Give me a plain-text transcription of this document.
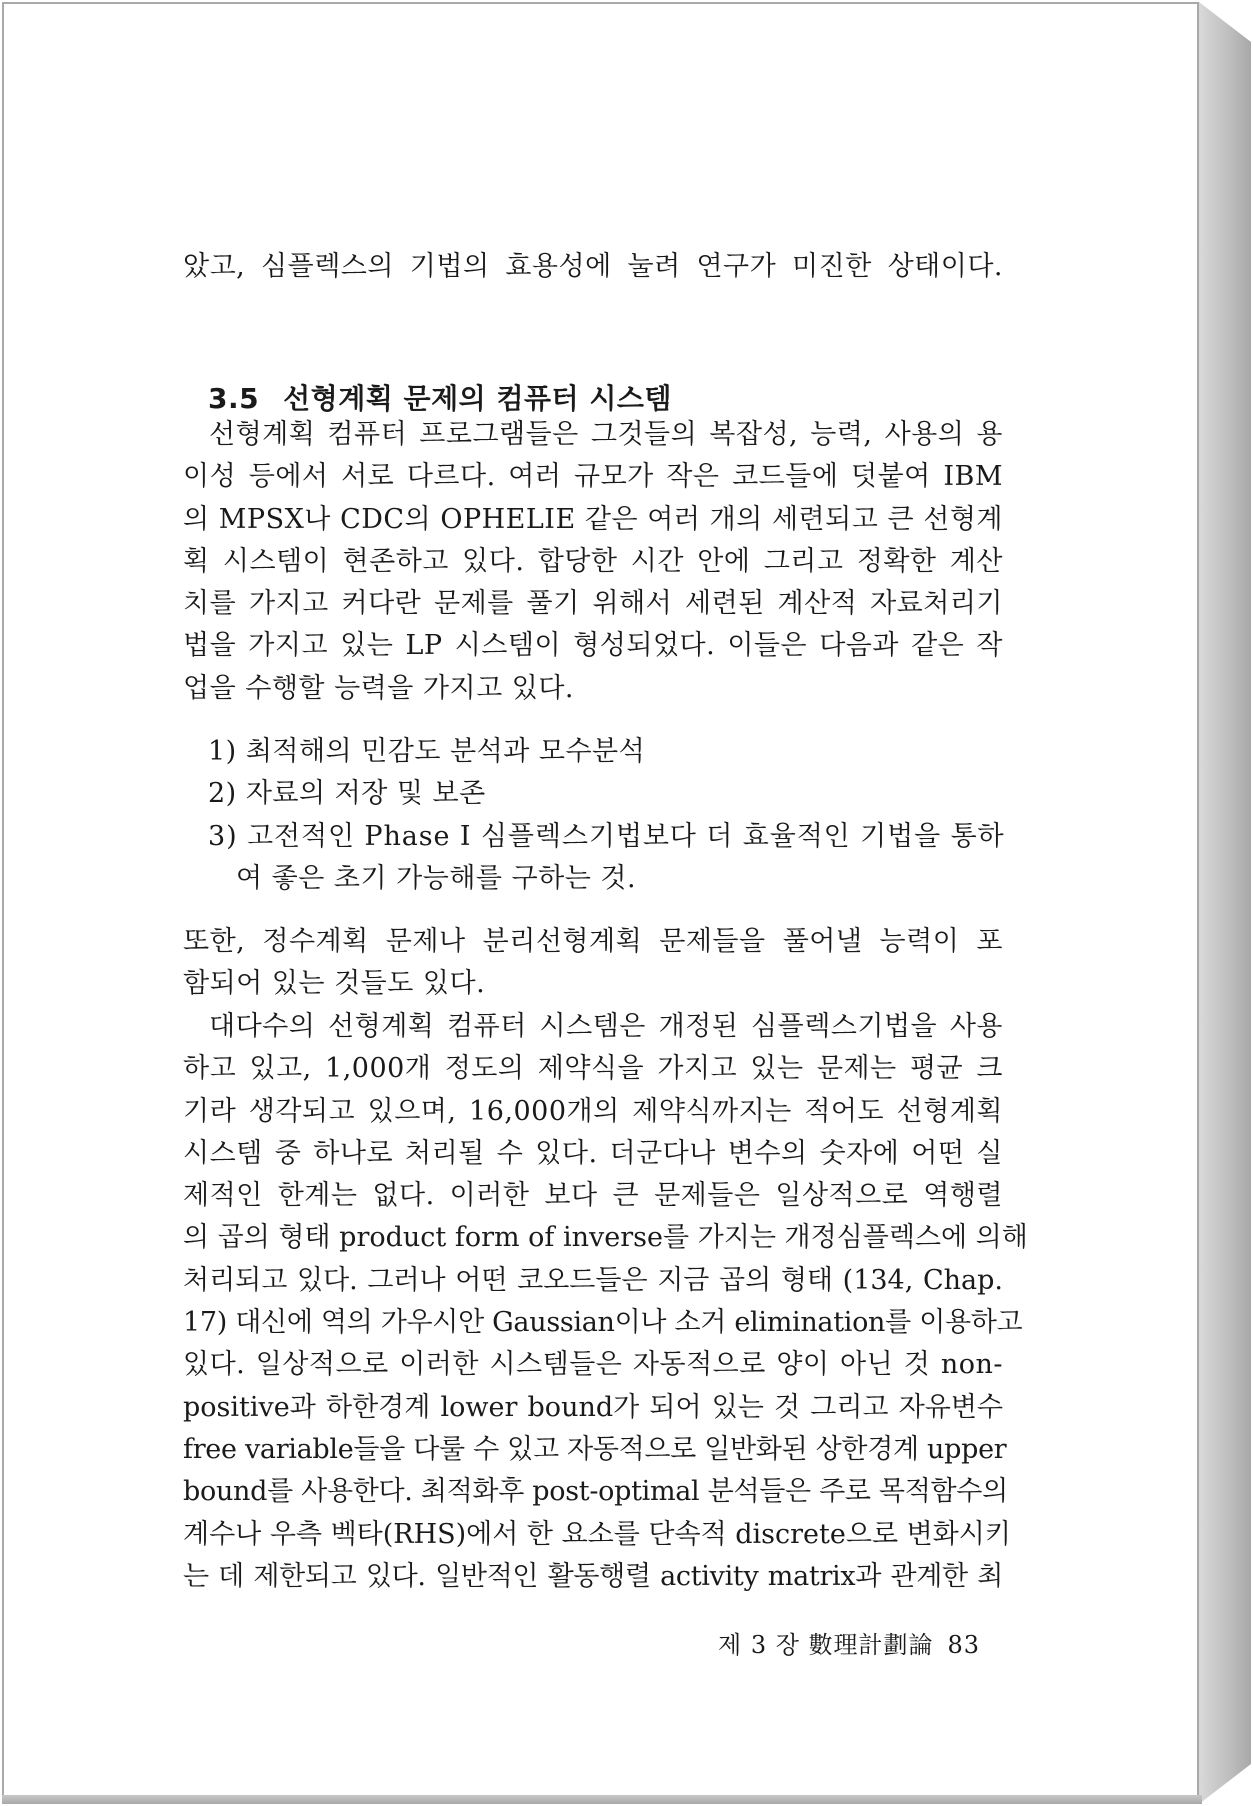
았고, 심플렉스의 기법의 효용성에 눌려 연구가 미진한 상태이다.
3.5 선형계획 문제의 컴퓨터 시스템
선형계획 컴퓨터 프로그램들은 그것들의 복잡성, 능력, 사용의 용
이성 등에서 서로 다르다. 여러 규모가 작은 코드들에 덧붙여 IBM
의 MPSX나 CDC의 OPHELIE 같은 여러 개의 세련되고 큰 선형계
획 시스템이 현존하고 있다. 합당한 시간 안에 그리고 정확한 계산
치를 가지고 커다란 문제를 풀기 위해서 세련된 계산적 자료처리기
법을 가지고 있는 LP 시스템이 형성되었다. 이들은 다음과 같은 작
업을 수행할 능력을 가지고 있다.
1) 최적해의 민감도 분석과 모수분석
2) 자료의 저장 및 보존
3) 고전적인 Phase I 심플렉스기법보다 더 효율적인 기법을 통하
여 좋은 초기 가능해를 구하는 것.
또한, 정수계획 문제나 분리선형계획 문제들을 풀어낼 능력이 포
함되어 있는 것들도 있다.
대다수의 선형계획 컴퓨터 시스템은 개정된 심플렉스기법을 사용
하고 있고, 1,000개 정도의 제약식을 가지고 있는 문제는 평균 크
기라 생각되고 있으며, 16,000개의 제약식까지는 적어도 선형계획
시스템 중 하나로 처리될 수 있다. 더군다나 변수의 숫자에 어떤 실
제적인 한계는 없다. 이러한 보다 큰 문제들은 일상적으로 역행렬
의 곱의 형태 product form of inverse를 가지는 개정심플렉스에 의해
처리되고 있다. 그러나 어떤 코오드들은 지금 곱의 형태 (134, Chap.
17) 대신에 역의 가우시안 Gaussian이나 소거 elimination를 이용하고
있다. 일상적으로 이러한 시스템들은 자동적으로 양이 아닌 것 non-
positive과 하한경계 lower bound가 되어 있는 것 그리고 자유변수
free variable들을 다룰 수 있고 자동적으로 일반화된 상한경계 upper
bound를 사용한다. 최적화후 post-optimal 분석들은 주로 목적함수의
계수나 우측 벡타(RHS)에서 한 요소를 단속적 discrete으로 변화시키
는 데 제한되고 있다. 일반적인 활동행렬 activity matrix과 관계한 최
제 3 장 數理計劃論 83
